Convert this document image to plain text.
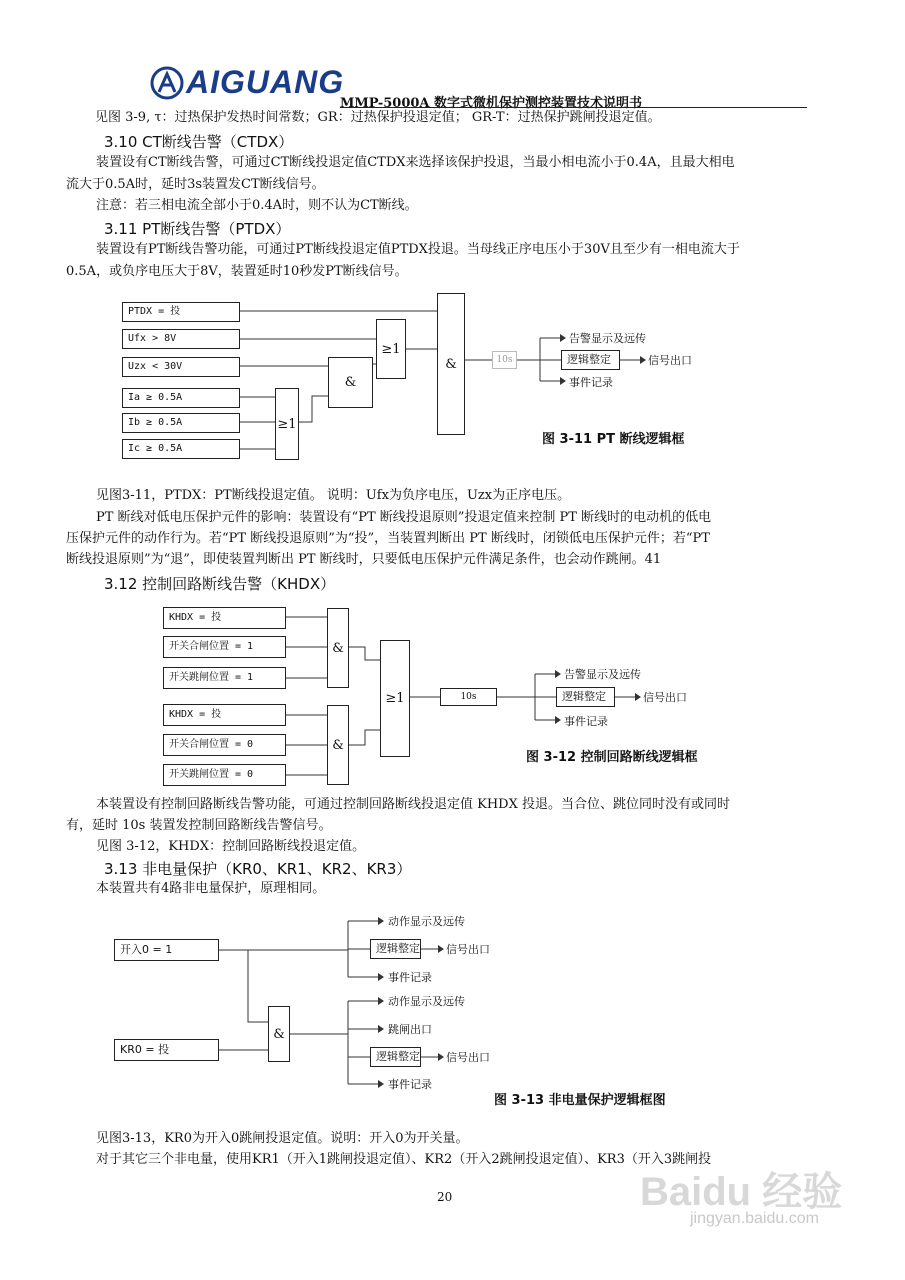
AIGUANG
MMP-5000A 数字式微机保护测控装置技术说明书
见图 3-9, τ：过热保护发热时间常数；GR：过热保护投退定值； GR-T：过热保护跳闸投退定值。
3.10 CT断线告警（CTDX）
装置设有CT断线告警，可通过CT断线投退定值CTDX来选择该保护投退，当最小相电流小于0.4A，且最大相电
流大于0.5A时，延时3s装置发CT断线信号。
注意：若三相电流全部小于0.4A时，则不认为CT断线。
3.11 PT断线告警（PTDX）
装置设有PT断线告警功能，可通过PT断线投退定值PTDX投退。当母线正序电压小于30V且至少有一相电流大于
0.5A，或负序电压大于8V，装置延时10秒发PT断线信号。
PTDX = 投
Ufx > 8V
Uzx < 30V
Ia ≥ 0.5A
Ib ≥ 0.5A
Ic ≥ 0.5A
≥1
&
≥1
&	10s
告警显示及远传
逻辑整定	信号出口
事件记录
图 3-11 PT 断线逻辑框
见图3-11，PTDX：PT断线投退定值。 说明：Ufx为负序电压，Uzx为正序电压。
PT 断线对低电压保护元件的影响：装置设有“PT 断线投退原则”投退定值来控制 PT 断线时的电动机的低电
压保护元件的动作行为。若“PT 断线投退原则”为“投”，当装置判断出 PT 断线时，闭锁低电压保护元件；若“PT
断线投退原则”为“退”，即使装置判断出 PT 断线时，只要低电压保护元件满足条件，也会动作跳闸。41
3.12 控制回路断线告警（KHDX）
KHDX = 投
开关合闸位置 = 1
开关跳闸位置 = 1
KHDX = 投
开关合闸位置 = 0
开关跳闸位置 = 0
&
&
≥1	10s
告警显示及远传
逻辑整定	信号出口
事件记录
图 3-12 控制回路断线逻辑框
本装置设有控制回路断线告警功能，可通过控制回路断线投退定值 KHDX 投退。当合位、跳位同时没有或同时
有，延时 10s 装置发控制回路断线告警信号。
见图 3-12，KHDX：控制回路断线投退定值。
3.13 非电量保护（KR0、KR1、KR2、KR3）
本装置共有4路非电量保护，原理相同。
开入0 = 1
KR0 = 投
&
动作显示及远传
逻辑整定 信号出口
事件记录
动作显示及远传
跳闸出口
逻辑整定 信号出口
事件记录
图 3-13 非电量保护逻辑框图
见图3-13，KR0为开入0跳闸投退定值。说明：开入0为开关量。
对于其它三个非电量，使用KR1（开入1跳闸投退定值）、KR2（开入2跳闸投退定值）、KR3（开入3跳闸投
20	Baidu 经验
jingyan.baidu.com
